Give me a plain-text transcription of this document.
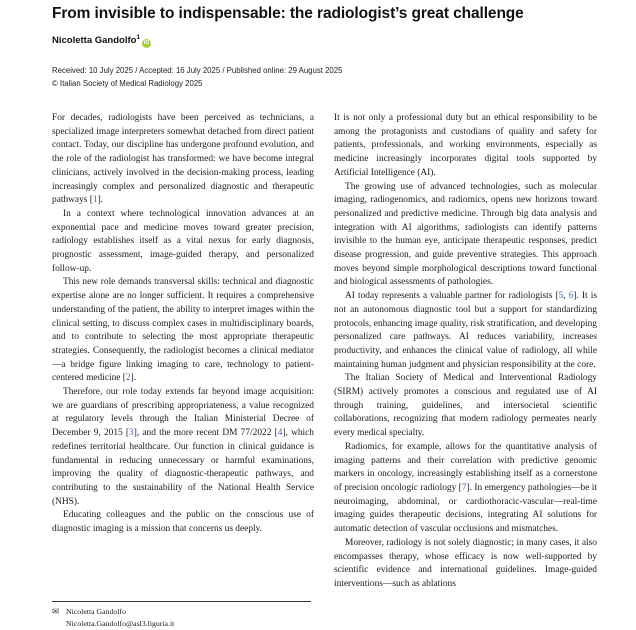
From invisible to indispensable: the radiologist’s great challenge
Nicoletta Gandolfo$^1$iD
Received: 10 July 2025 / Accepted: 16 July 2025 / Published online: 29 August 2025
© Italian Society of Medical Radiology 2025

For decades, radiologists have been perceived as technicians, a specialized image interpreters somewhat detached from direct patient contact. Today, our discipline has undergone profound evolution, and the role of the radiologist has transformed: we have become integral clinicians, actively involved in the decision-making process, leading increasingly complex and personalized diagnostic and therapeutic pathways [1].

In a context where technological innovation advances at an exponential pace and medicine moves toward greater precision, radiology establishes itself as a vital nexus for early diagnosis, prognostic assessment, image-guided therapy, and personalized follow-up.

This new role demands transversal skills: technical and diagnostic expertise alone are no longer sufficient. It requires a comprehensive understanding of the patient, the ability to interpret images within the clinical setting, to discuss complex cases in multidisciplinary boards, and to contribute to selecting the most appropriate therapeutic strategies. Consequently, the radiologist becomes a clinical mediator—a bridge figure linking imaging to care, technology to patient-centered medicine [2].

Therefore, our role today extends far beyond image acquisition: we are guardians of prescribing appropriateness, a value recognized at regulatory levels through the Italian Ministerial Decree of December 9, 2015 [3], and the more recent DM 77/2022 [4], which redefines territorial healthcare. Our function in clinical guidance is fundamental in reducing unnecessary or harmful examinations, improving the quality of diagnostic-therapeutic pathways, and contributing to the sustainability of the National Health Service (NHS).

Educating colleagues and the public on the conscious use of diagnostic imaging is a mission that concerns us deeply.

It is not only a professional duty but an ethical responsibility to be among the protagonists and custodians of quality and safety for patients, professionals, and working environments, especially as medicine increasingly incorporates digital tools supported by Artificial Intelligence (AI).

The growing use of advanced technologies, such as molecular imaging, radiogenomics, and radiomics, opens new horizons toward personalized and predictive medicine. Through big data analysis and integration with AI algorithms, radiologists can identify patterns invisible to the human eye, anticipate therapeutic responses, predict disease progression, and guide preventive strategies. This approach moves beyond simple morphological descriptions toward functional and biological assessments of pathologies.

AI today represents a valuable partner for radiologists [5, 6]. It is not an autonomous diagnostic tool but a support for standardizing protocols, enhancing image quality, risk stratification, and developing personalized care pathways. AI reduces variability, increases productivity, and enhances the clinical value of radiology, all while maintaining human judgment and physician responsibility at the core.

The Italian Society of Medical and Interventional Radiology (SIRM) actively promotes a conscious and regulated use of AI through training, guidelines, and intersocietal scientific collaborations, recognizing that modern radiology permeates nearly every medical specialty.

Radiomics, for example, allows for the quantitative analysis of imaging patterns and their correlation with predictive genomic markers in oncology, increasingly establishing itself as a cornerstone of precision oncologic radiology [7]. In emergency pathologies—be it neuroimaging, abdominal, or cardiothoracic-vascular—real-time imaging guides therapeutic decisions, integrating AI solutions for automatic detection of vascular occlusions and mismatches.

Moreover, radiology is not solely diagnostic; in many cases, it also encompasses therapy, whose efficacy is now well-supported by scientific evidence and international guidelines. Image-guided interventions—such as ablations

✉ Nicoletta Gandolfo
Nicoletta.Gandolfo@asl3.liguria.it
